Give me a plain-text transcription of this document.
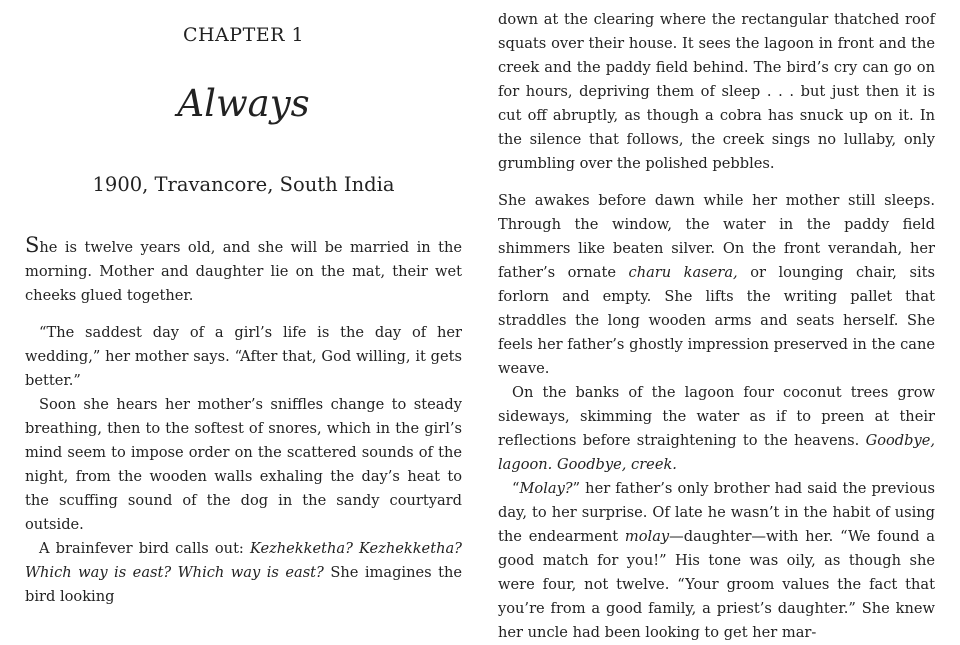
CHAPTER 1
Always
1900, Travancore, South India

She is twelve years old, and she will be married in the morning. Mother and daughter lie on the mat, their wet cheeks glued together.

“The saddest day of a girl’s life is the day of her wedding,” her mother says. “After that, God willing, it gets better.”

Soon she hears her mother’s sniffles change to steady breathing, then to the softest of snores, which in the girl’s mind seem to impose order on the scattered sounds of the night, from the wooden walls exhaling the day’s heat to the scuffing sound of the dog in the sandy courtyard outside.

A brainfever bird calls out: Kezhekketha? Kezhekketha? Which way is east? Which way is east? She imagines the bird looking

down at the clearing where the rectangular thatched roof squats over their house. It sees the lagoon in front and the creek and the paddy field behind. The bird’s cry can go on for hours, depriving them of sleep . . . but just then it is cut off abruptly, as though a cobra has snuck up on it. In the silence that follows, the creek sings no lullaby, only grumbling over the polished pebbles.

She awakes before dawn while her mother still sleeps. Through the window, the water in the paddy field shimmers like beaten silver. On the front verandah, her father’s ornate charu kasera, or lounging chair, sits forlorn and empty. She lifts the writing pallet that straddles the long wooden arms and seats herself. She feels her father’s ghostly impression preserved in the cane weave.

On the banks of the lagoon four coconut trees grow sideways, skimming the water as if to preen at their reflections before straightening to the heavens. Goodbye, lagoon. Goodbye, creek.

“Molay?” her father’s only brother had said the previous day, to her surprise. Of late he wasn’t in the habit of using the endearment molay—daughter—with her. “We found a good match for you!” His tone was oily, as though she were four, not twelve. “Your groom values the fact that you’re from a good family, a priest’s daughter.” She knew her uncle had been looking to get her mar-
